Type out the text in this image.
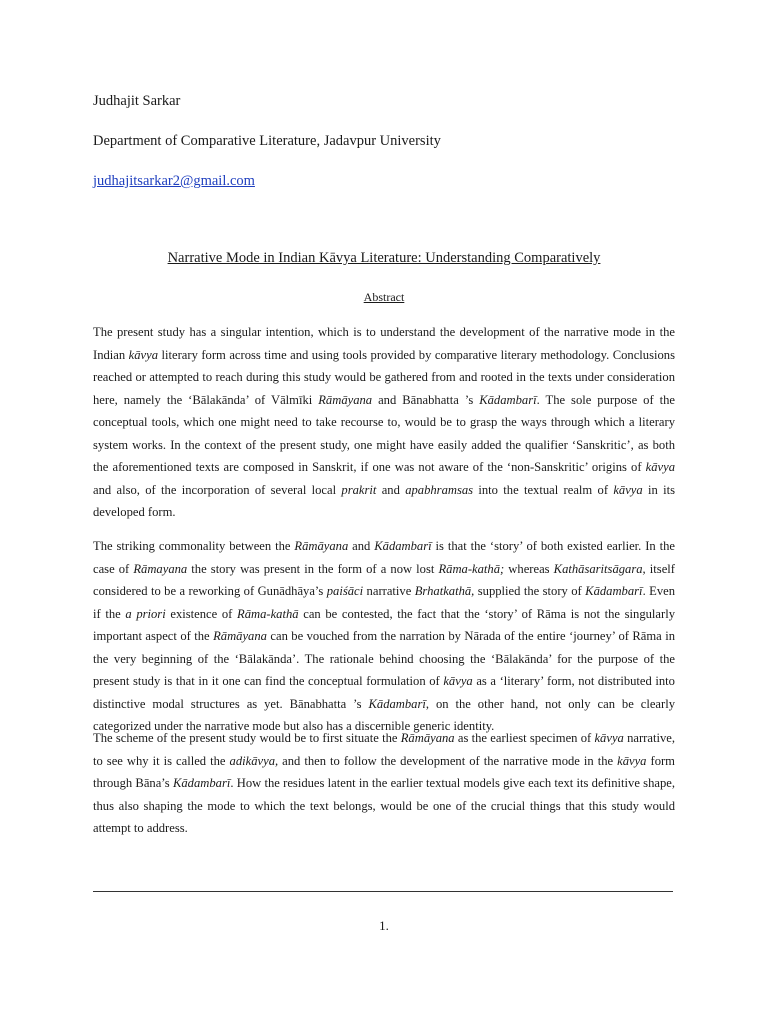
Judhajit Sarkar
Department of Comparative Literature, Jadavpur University
judhajitsarkar2@gmail.com
Narrative Mode in Indian Kāvya Literature: Understanding Comparatively
Abstract

The present study has a singular intention, which is to understand the development of the narrative mode in the Indian kāvya literary form across time and using tools provided by comparative literary methodology. Conclusions reached or attempted to reach during this study would be gathered from and rooted in the texts under consideration here, namely the ‘Bālakānda’ of Vālmīki Rāmāyana and Bānabhatta ’s Kādambarī. The sole purpose of the conceptual tools, which one might need to take recourse to, would be to grasp the ways through which a literary system works. In the context of the present study, one might have easily added the qualifier ‘Sanskritic’, as both the aforementioned texts are composed in Sanskrit, if one was not aware of the ‘non-Sanskritic’ origins of kāvya and also, of the incorporation of several local prakrit and apabhramsas into the textual realm of kāvya in its developed form.

The striking commonality between the Rāmāyana and Kādambarī is that the ‘story’ of both existed earlier. In the case of Rāmayana the story was present in the form of a now lost Rāma-kathā; whereas Kathāsaritsāgara, itself considered to be a reworking of Gunādhāya’s paiśāci narrative Brhatkathā, supplied the story of Kādambarī. Even if the a priori existence of Rāma-kathā can be contested, the fact that the ‘story’ of Rāma is not the singularly important aspect of the Rāmāyana can be vouched from the narration by Nārada of the entire ‘journey’ of Rāma in the very beginning of the ‘Bālakānda’. The rationale behind choosing the ‘Bālakānda’ for the purpose of the present study is that in it one can find the conceptual formulation of kāvya as a ‘literary’ form, not distributed into distinctive modal structures as yet. Bānabhatta ’s Kādambarī, on the other hand, not only can be clearly categorized under the narrative mode but also has a discernible generic identity.

The scheme of the present study would be to first situate the Rāmāyana as the earliest specimen of kāvya narrative, to see why it is called the adikāvya, and then to follow the development of the narrative mode in the kāvya form through Bāna’s Kādambarī. How the residues latent in the earlier textual models give each text its definitive shape, thus also shaping the mode to which the text belongs, would be one of the crucial things that this study would attempt to address.

1.
